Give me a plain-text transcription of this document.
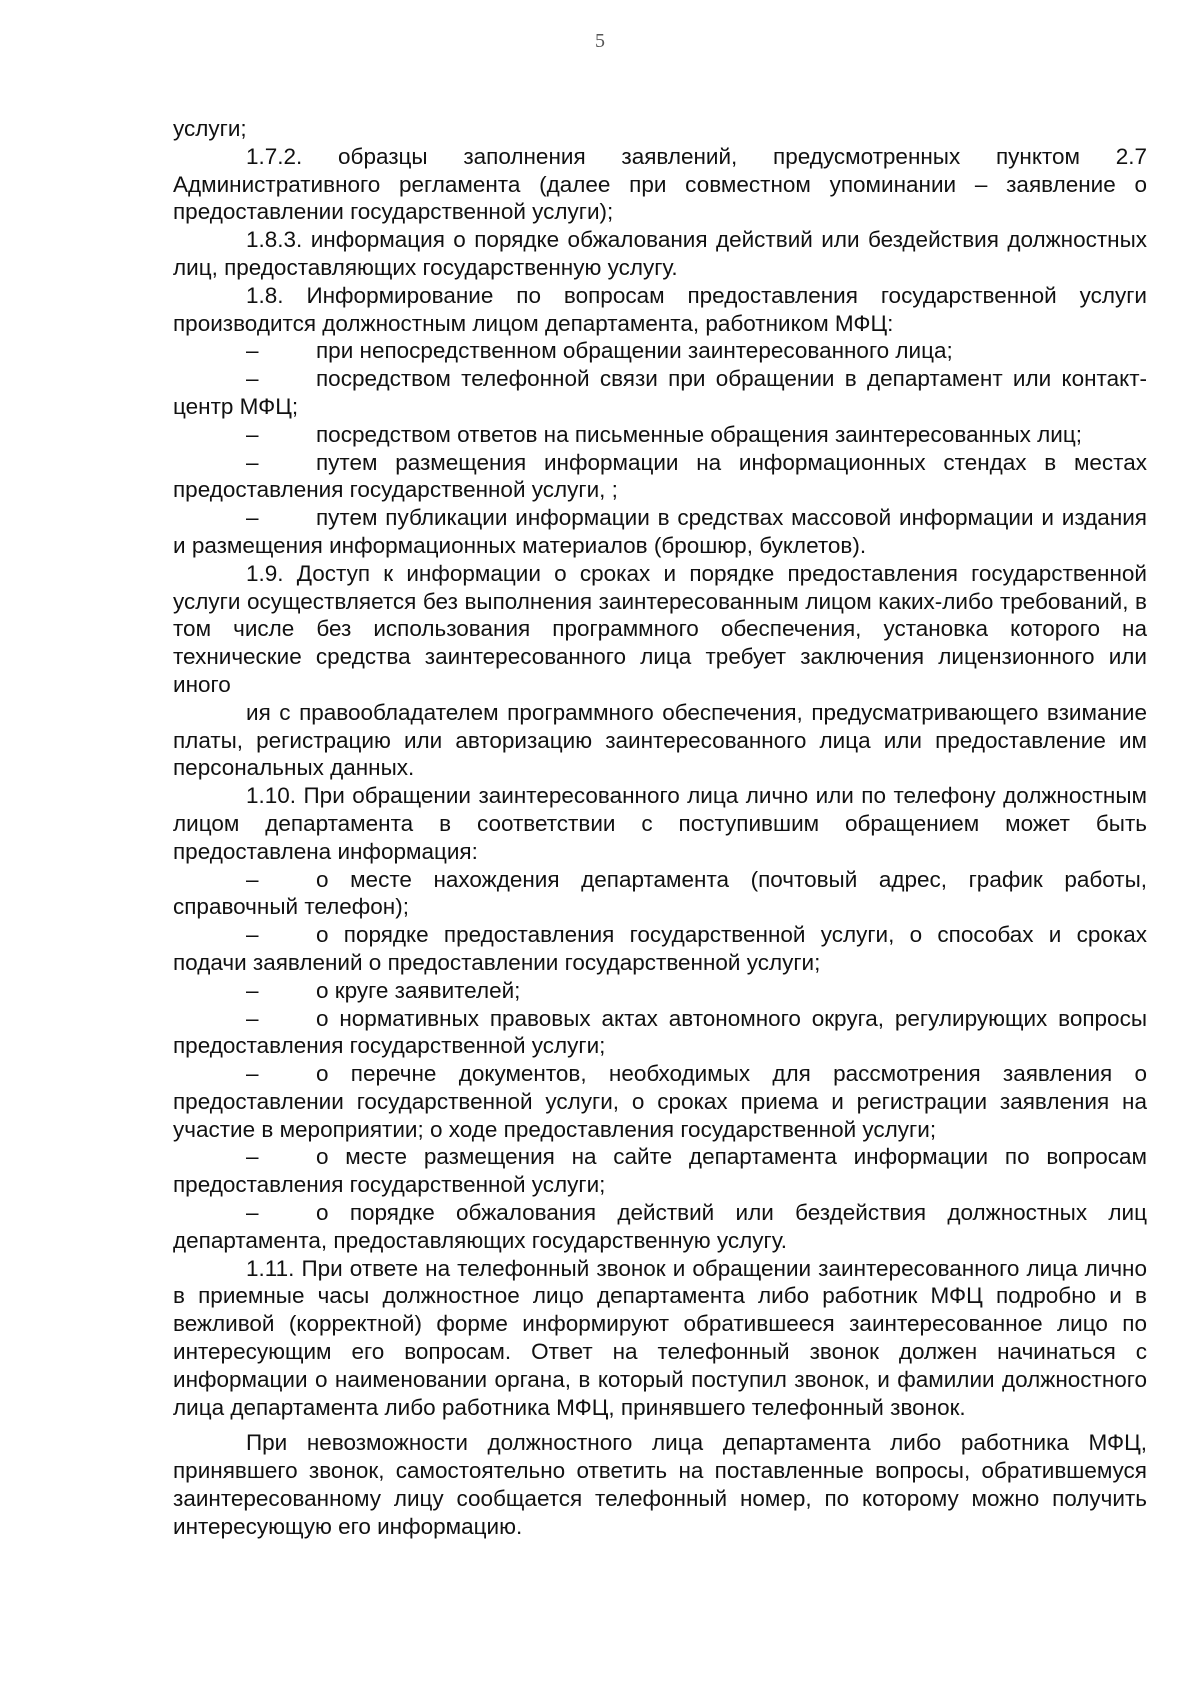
5

услуги;

1.7.2. образцы заполнения заявлений, предусмотренных пунктом 2.7 Административного регламента (далее при совместном упоминании – заявление о предоставлении государственной услуги);

1.8.3. информация о порядке обжалования действий или бездействия должностных лиц, предоставляющих государственную услугу.

1.8. Информирование по вопросам предоставления государственной услуги производится должностным лицом департамента, работником МФЦ:

–	при непосредственном обращении заинтересованного лица;

–	посредством телефонной связи при обращении в департамент или контакт-центр МФЦ;

–	посредством ответов на письменные обращения заинтересованных лиц;

–	путем размещения информации на информационных стендах в местах предоставления государственной услуги, ;

–	путем публикации информации в средствах массовой информации и издания и размещения информационных материалов (брошюр, буклетов).

1.9. Доступ к информации о сроках и порядке предоставления государственной услуги осуществляется без выполнения заинтересованным лицом каких-либо требований, в том числе без использования программного обеспечения, установка которого на технические средства заинтересованного лица требует заключения лицензионного или иного

ия с правообладателем программного обеспечения, предусматривающего взимание платы, регистрацию или авторизацию заинтересованного лица или предоставление им персональных данных.

1.10. При обращении заинтересованного лица лично или по телефону должностным лицом департамента в соответствии с поступившим обращением может быть предоставлена информация:

–	о месте нахождения департамента (почтовый адрес, график работы, справочный телефон);

–	о порядке предоставления государственной услуги, о способах и сроках подачи заявлений о предоставлении государственной услуги;

–	о круге заявителей;

–	о нормативных правовых актах автономного округа, регулирующих вопросы предоставления государственной услуги;

–	о перечне документов, необходимых для рассмотрения заявления о предоставлении государственной услуги, о сроках приема и регистрации заявления на участие в мероприятии; о ходе предоставления государственной услуги;

–	о месте размещения на сайте департамента информации по вопросам предоставления государственной услуги;

–	о порядке обжалования действий или бездействия должностных лиц департамента, предоставляющих государственную услугу.

1.11. При ответе на телефонный звонок и обращении заинтересованного лица лично в приемные часы должностное лицо департамента либо работник МФЦ подробно и в вежливой (корректной) форме информируют обратившееся заинтересованное лицо по интересующим его вопросам. Ответ на телефонный звонок должен начинаться с информации о наименовании органа, в который поступил звонок, и фамилии должностного лица департамента либо работника МФЦ, принявшего телефонный звонок.

При невозможности должностного лица департамента либо работника МФЦ, принявшего звонок, самостоятельно ответить на поставленные вопросы, обратившемуся заинтересованному лицу сообщается телефонный номер, по которому можно получить интересующую его информацию.
